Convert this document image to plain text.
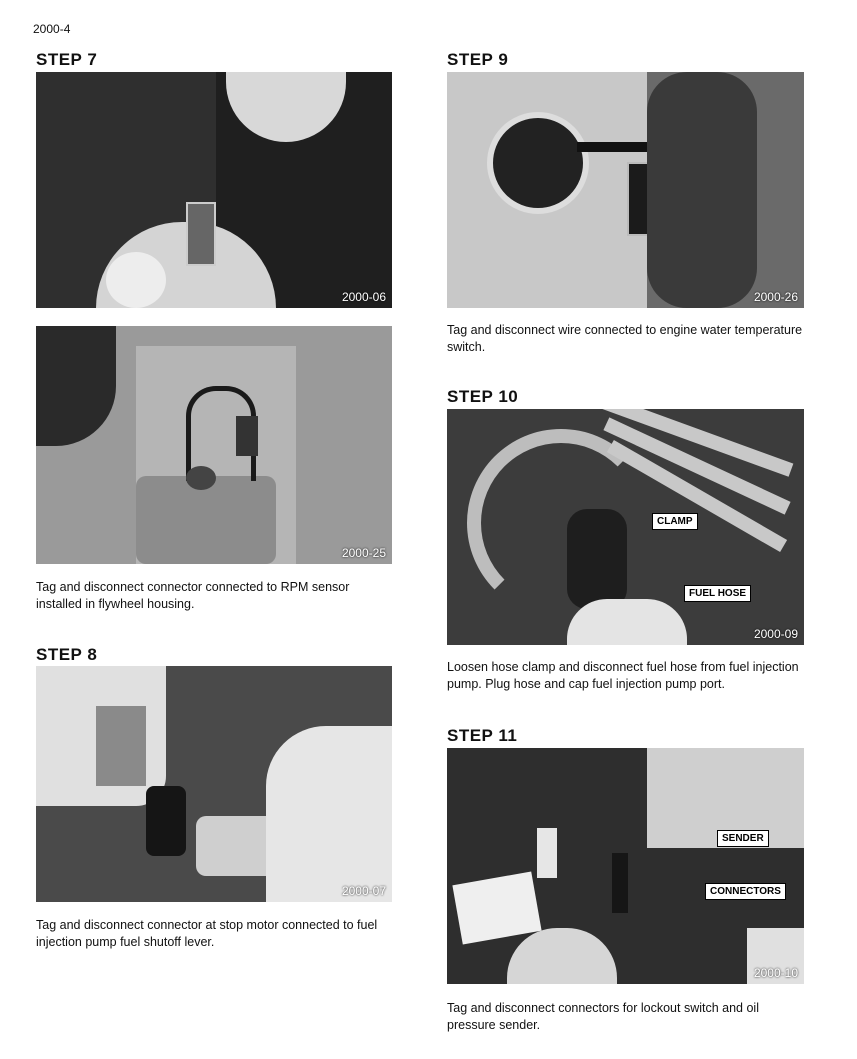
2000-4
STEP 7
2000-06
2000-25
Tag and disconnect connector connected to RPM sensor installed in flywheel housing.
STEP 8
2000-07
Tag and disconnect connector at stop motor connected to fuel injection pump fuel shutoff lever.
STEP 9
2000-26
Tag and disconnect wire connected to engine water temperature switch.
STEP 10
CLAMP
FUEL HOSE
2000-09
Loosen hose clamp and disconnect fuel hose from fuel injection pump. Plug hose and cap fuel injection pump port.
STEP 11
SENDER
CONNECTORS
2000-10
Tag and disconnect connectors for lockout switch and oil pressure sender.
